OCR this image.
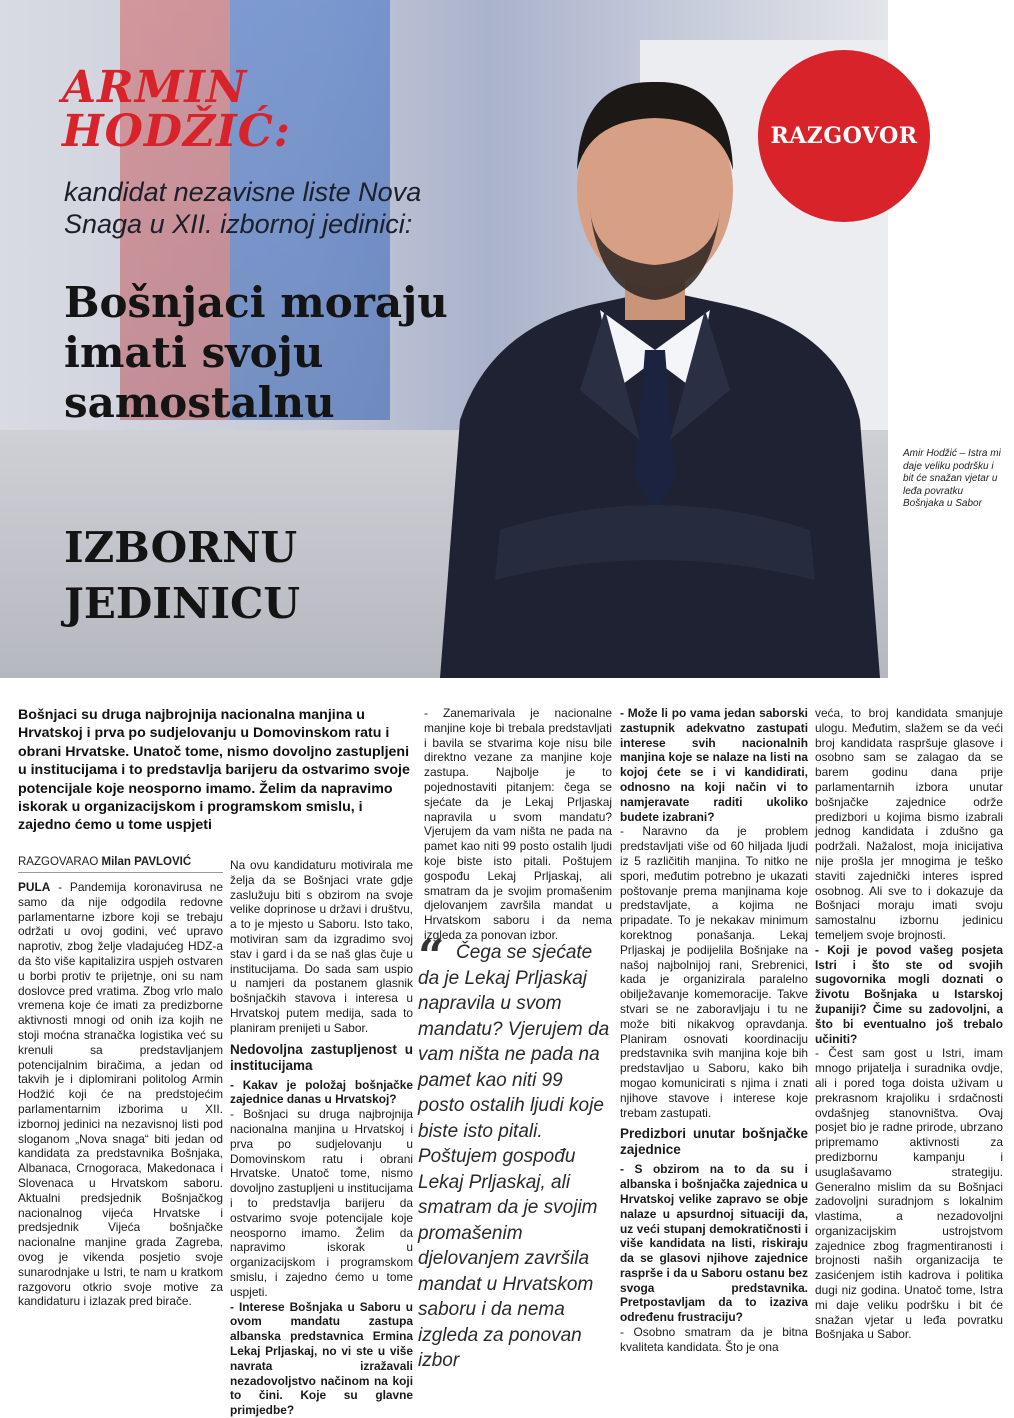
RAZGOVOR
ARMIN
HODŽIĆ:
kandidat nezavisne liste Nova Snaga u XII. izbornoj jedinici:
Bošnjaci moraju imati svoju samostalnu
IZBORNU JEDINICU
Amir Hodžić – Istra mi daje veliku podršku i bit će snažan vjetar u leđa povratku Bošnjaka u Sabor
Bošnjaci su druga najbrojnija nacionalna manjina u Hrvatskoj i prva po sudjelovanju u Domovinskom ratu i obrani Hrvatske. Unatoč tome, nismo dovoljno zastupljeni u institucijama i to predstavlja barijeru da ostvarimo svoje potencijale koje neosporno imamo. Želim da napravimo iskorak u organizacijskom i programskom smislu, i zajedno ćemo u tome uspjeti
RAZGOVARAO Milan PAVLOVIĆ

PULA - Pandemija koronavirusa ne samo da nije odgodila redovne parlamentarne izbore koji se trebaju održati u ovoj godini, već upravo naprotiv, zbog želje vladajućeg HDZ-a da što više kapitalizira uspjeh ostvaren u borbi protiv te prijetnje, oni su nam doslovce pred vratima. Zbog vrlo malo vremena koje će imati za predizborne aktivnosti mnogi od onih iza kojih ne stoji moćna stranačka logistika već su krenuli sa predstavljanjem potencijalnim biračima, a jedan od takvih je i diplomirani politolog Armin Hodžić koji će na predstojećim parlamentarnim izborima u XII. izbornoj jedinici na nezavisnoj listi pod sloganom „Nova snaga“ biti jedan od kandidata za predstavnika Bošnjaka, Albanaca, Crnogoraca, Makedonaca i Slovenaca u Hrvatskom saboru. Aktualni predsjednik Bošnjačkog nacionalnog vijeća Hrvatske i predsjednik Vijeća bošnjačke nacionalne manjine grada Zagreba, ovog je vikenda posjetio svoje sunarodnjake u Istri, te nam u kratkom razgovoru otkrio svoje motive za kandidaturu i izlazak pred birače.

Na ovu kandidaturu motivirala me želja da se Bošnjaci vrate gdje zaslužuju biti s obzirom na svoje velike doprinose u državi i društvu, a to je mjesto u Saboru. Isto tako, motiviran sam da izgradimo svoj stav i gard i da se naš glas čuje u institucijama. Do sada sam uspio u namjeri da postanem glasnik bošnjačkih stavova i interesa u Hrvatskoj putem medija, sada to planiram prenijeti u Sabor.

Nedovoljna zastupljenost u institucijama

- Kakav je položaj bošnjačke zajednice danas u Hrvatskoj?

- Bošnjaci su druga najbrojnija nacionalna manjina u Hrvatskoj i prva po sudjelovanju u Domovinskom ratu i obrani Hrvatske. Unatoč tome, nismo dovoljno zastupljeni u institucijama i to predstavlja barijeru da ostvarimo svoje potencijale koje neosporno imamo. Želim da napravimo iskorak u organizacijskom i programskom smislu, i zajedno ćemo u tome uspjeti.

- Interese Bošnjaka u Saboru u ovom mandatu zastupa albanska predstavnica Ermina Lekaj Prljaskaj, no vi ste u više navrata izražavali nezadovoljstvo načinom na koji to čini. Koje su glavne primjedbe?

- Zanemarivala je nacionalne manjine koje bi trebala predstavljati i bavila se stvarima koje nisu bile direktno vezane za manjine koje zastupa. Najbolje je to pojednostaviti pitanjem: čega se sjećate da je Lekaj Prljaskaj napravila u svom mandatu? Vjerujem da vam ništa ne pada na pamet kao niti 99 posto ostalih ljudi koje biste isto pitali. Poštujem gospođu Lekaj Prljaskaj, ali smatram da je svojim promašenim djelovanjem završila mandat u Hrvatskom saboru i da nema izgleda za ponovan izbor.

“ Čega se sjećate da je Lekaj Prljaskaj napravila u svom mandatu? Vjerujem da vam ništa ne pada na pamet kao niti 99 posto ostalih ljudi koje biste isto pitali. Poštujem gospođu Lekaj Prljaskaj, ali smatram da je svojim promašenim djelovanjem završila mandat u Hrvatskom saboru i da nema izgleda za ponovan izbor

- Može li po vama jedan saborski zastupnik adekvatno zastupati interese svih nacionalnih manjina koje se nalaze na listi na kojoj ćete se i vi kandidirati, odnosno na koji način vi to namjeravate raditi ukoliko budete izabrani?

- Naravno da je problem predstavljati više od 60 hiljada ljudi iz 5 različitih manjina. To nitko ne spori, međutim potrebno je ukazati poštovanje prema manjinama koje predstavljate, a kojima ne pripadate. To je nekakav minimum korektnog ponašanja. Lekaj Prljaskaj je podijelila Bošnjake na našoj najbolnijoj rani, Srebrenici, kada je organizirala paralelno obilježavanje komemoracije. Takve stvari se ne zaboravljaju i tu ne može biti nikakvog opravdanja. Planiram osnovati koordinaciju predstavnika svih manjina koje bih predstavljao u Saboru, kako bih mogao komunicirati s njima i znati njihove stavove i interese koje trebam zastupati.

Predizbori unutar bošnjačke zajednice

- S obzirom na to da su i albanska i bošnjačka zajednica u Hrvatskoj velike zapravo se obje nalaze u apsurdnoj situaciji da, uz veći stupanj demokratičnosti i više kandidata na listi, riskiraju da se glasovi njihove zajednice rasprše i da u Saboru ostanu bez svoga predstavnika. Pretpostavljam da to izaziva određenu frustraciju?

- Osobno smatram da je bitna kvaliteta kandidata. Što je ona

veća, to broj kandidata smanjuje ulogu. Međutim, slažem se da veći broj kandidata raspršuje glasove i osobno sam se zalagao da se barem godinu dana prije parlamentarnih izbora unutar bošnjačke zajednice održe predizbori u kojima bismo izabrali jednog kandidata i zdušno ga podržali. Nažalost, moja inicijativa nije prošla jer mnogima je teško staviti zajednički interes ispred osobnog. Ali sve to i dokazuje da Bošnjaci moraju imati svoju samostalnu izbornu jedinicu temeljem svoje brojnosti.

- Koji je povod vašeg posjeta Istri i što ste od svojih sugovornika mogli doznati o životu Bošnjaka u Istarskoj županiji? Čime su zadovoljni, a što bi eventualno još trebalo učiniti?

- Čest sam gost u Istri, imam mnogo prijatelja i suradnika ovdje, ali i pored toga doista uživam u prekrasnom krajoliku i srdačnosti ovdašnjeg stanovništva. Ovaj posjet bio je radne prirode, ubrzano pripremamo aktivnosti za predizbornu kampanju i usuglašavamo strategiju. Generalno mislim da su Bošnjaci zadovoljni suradnjom s lokalnim vlastima, a nezadovoljni organizacijskim ustrojstvom zajednice zbog fragmentiranosti i brojnosti naših organizacija te zasićenjem istih kadrova i politika dugi niz godina. Unatoč tome, Istra mi daje veliku podršku i bit će snažan vjetar u leđa povratku Bošnjaka u Sabor.
